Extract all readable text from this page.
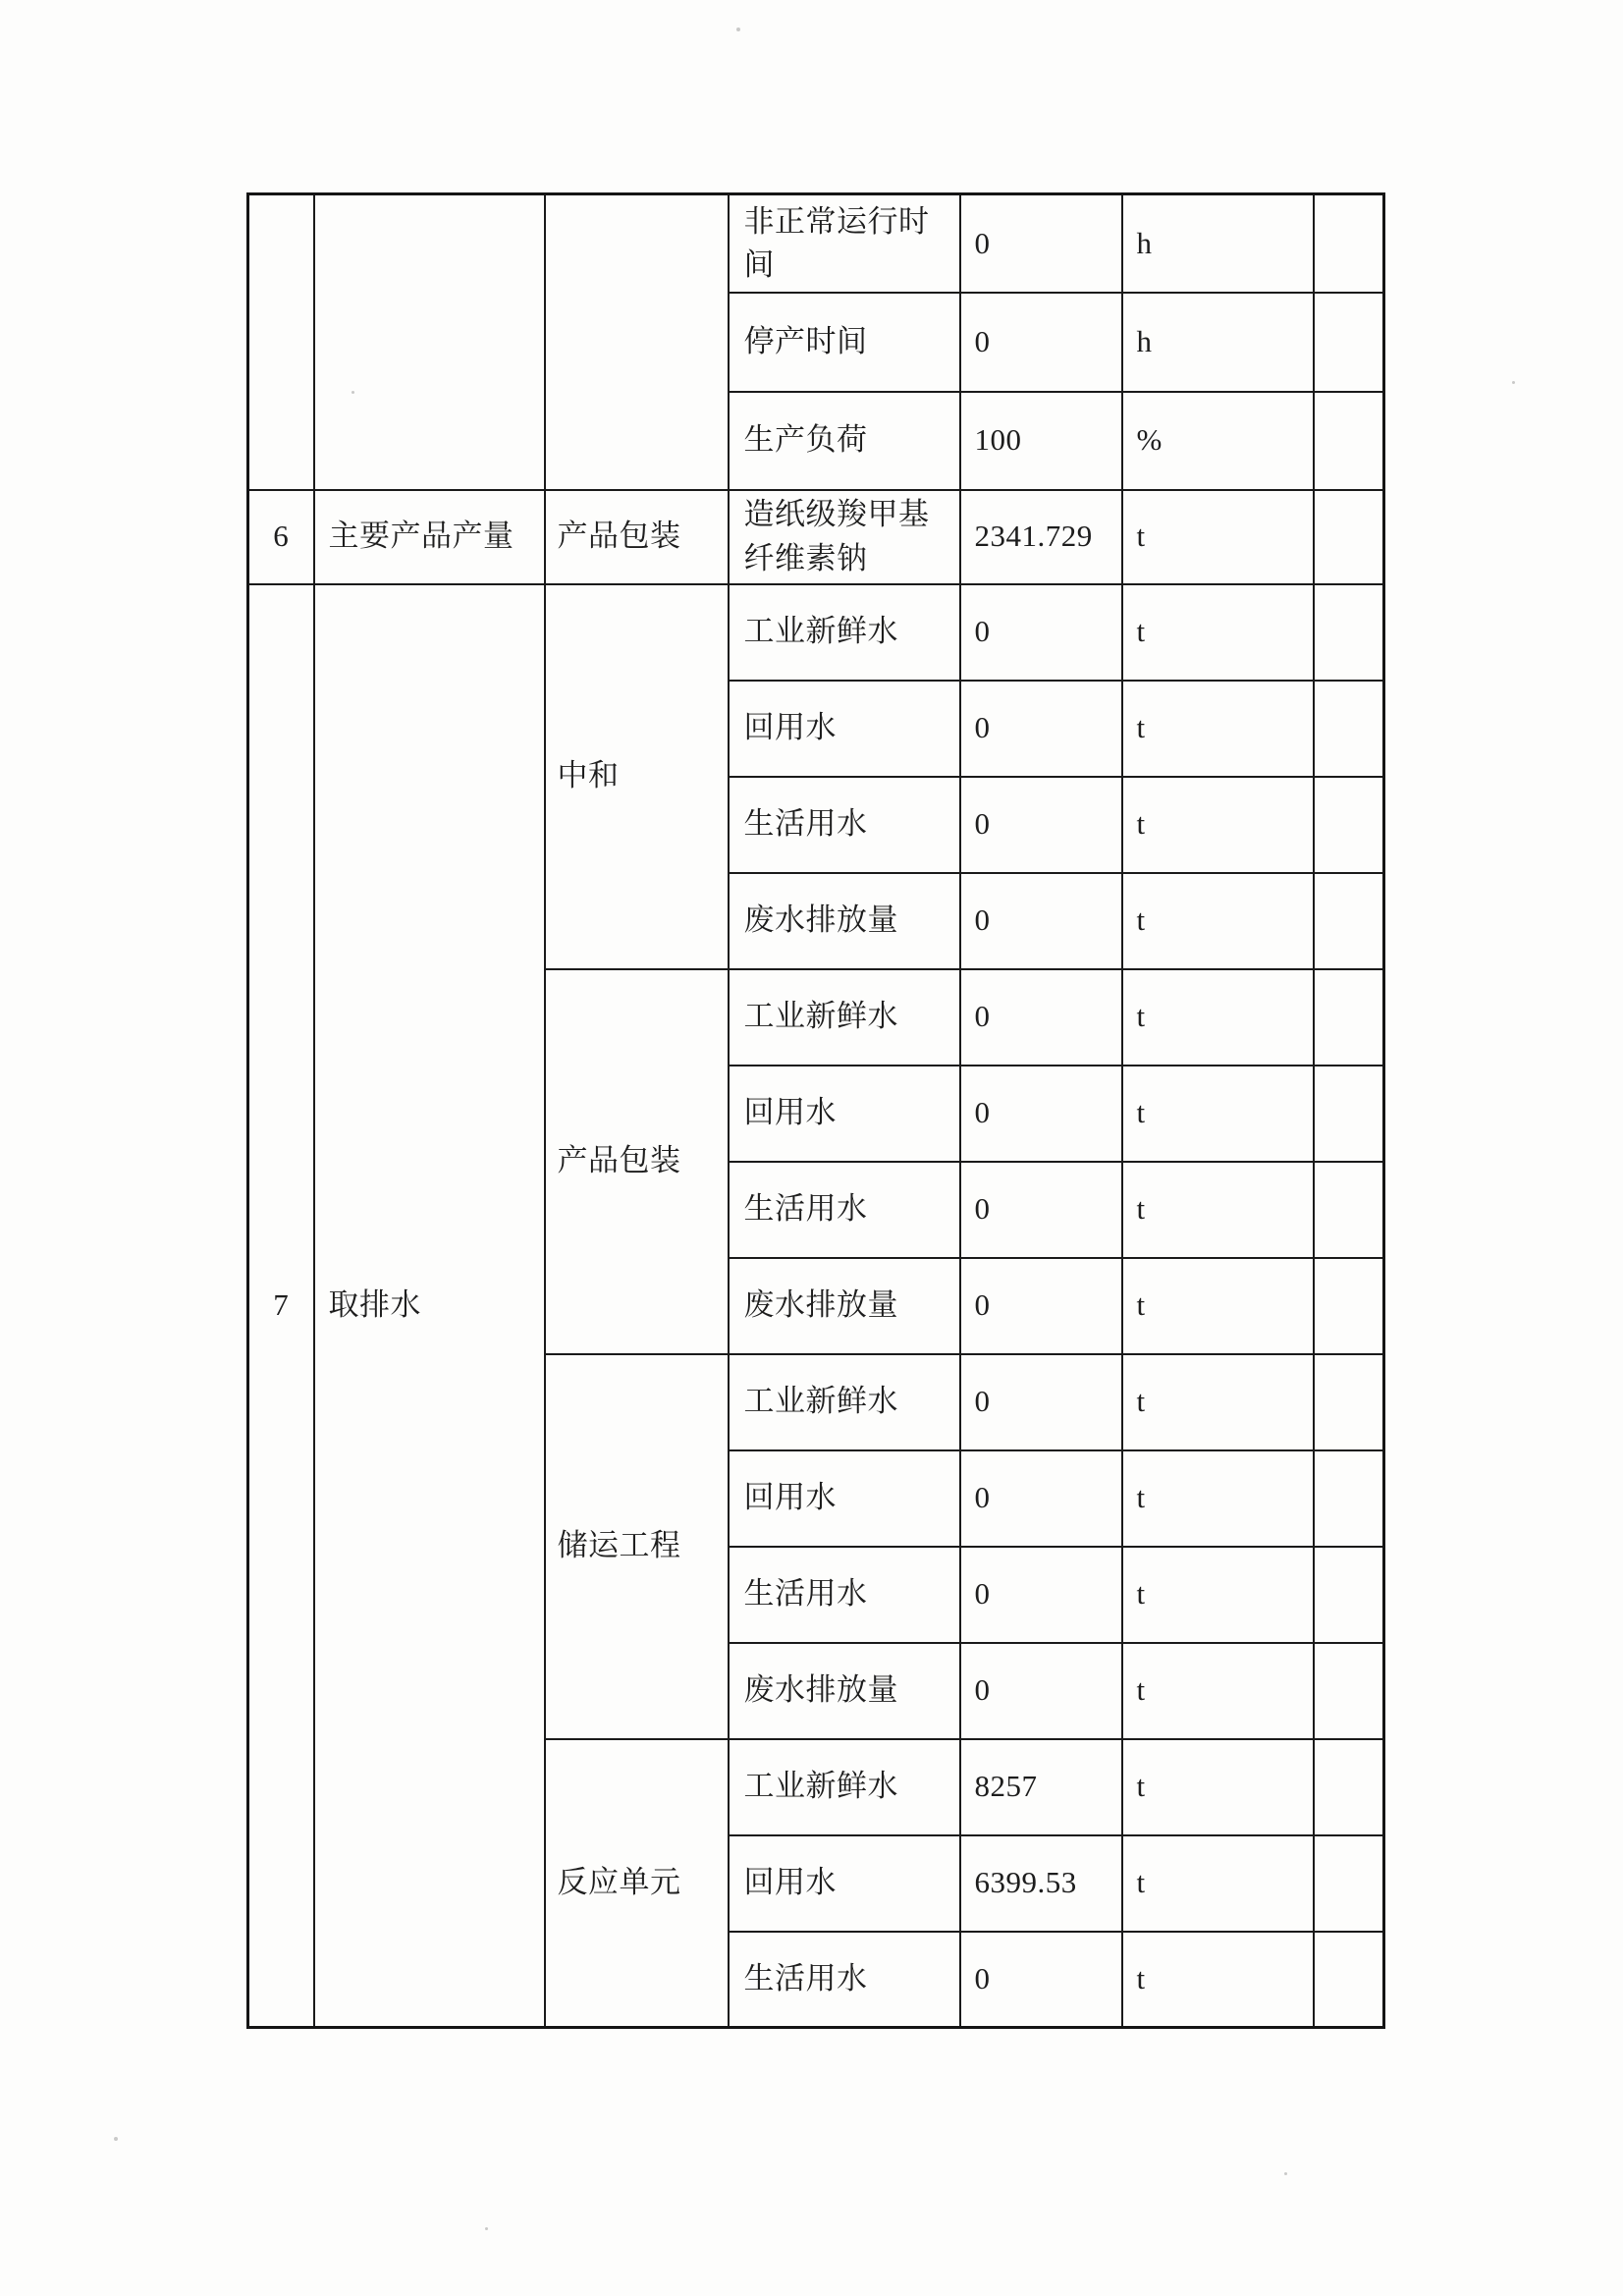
			非正常运行时间	0	h	
			停产时间	0	h	
			生产负荷	100	%	
6	主要产品产量	产品包装	造纸级羧甲基纤维素钠	2341.729	t	
7	取排水	中和	工业新鲜水	0	t	
			回用水	0	t	
			生活用水	0	t	
			废水排放量	0	t	
		产品包装	工业新鲜水	0	t	
			回用水	0	t	
			生活用水	0	t	
			废水排放量	0	t	
		储运工程	工业新鲜水	0	t	
			回用水	0	t	
			生活用水	0	t	
			废水排放量	0	t	
		反应单元	工业新鲜水	8257	t	
			回用水	6399.53	t	
			生活用水	0	t	
